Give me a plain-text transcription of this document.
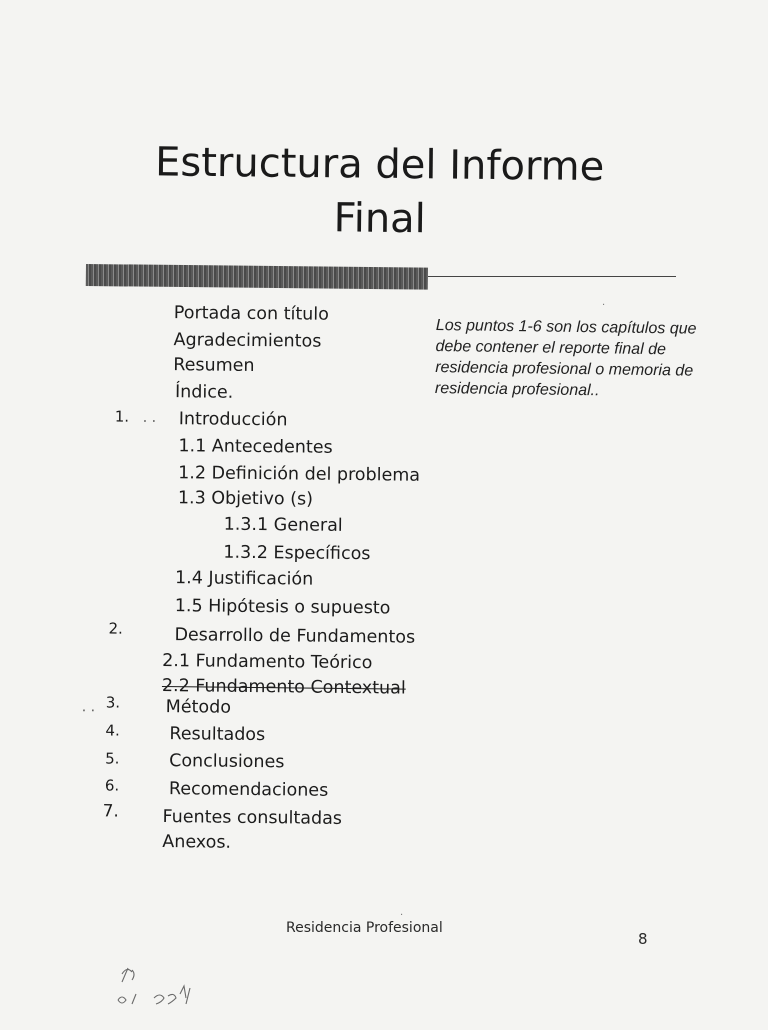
Estructura del Informe
Final
Portada con título
Agradecimientos
Resumen
Índice.
1. . . Introducción
1.1 Antecedentes
1.2 Definición del problema
1.3 Objetivo (s)
1.3.1 General
1.3.2 Específicos
1.4 Justificación
1.5 Hipótesis o supuesto
2.	Desarrollo de Fundamentos
2.1 Fundamento Teórico
2.2 Fundamento Contextual
. . 3.	Método
4.	Resultados
5.	Conclusiones
6.	Recomendaciones
7. Fuentes consultadas
Anexos.
Los puntos 1-6 son los capítulos que debe contener el reporte final de residencia profesional o memoria de residencia profesional..
Residencia Profesional
8
·
·
